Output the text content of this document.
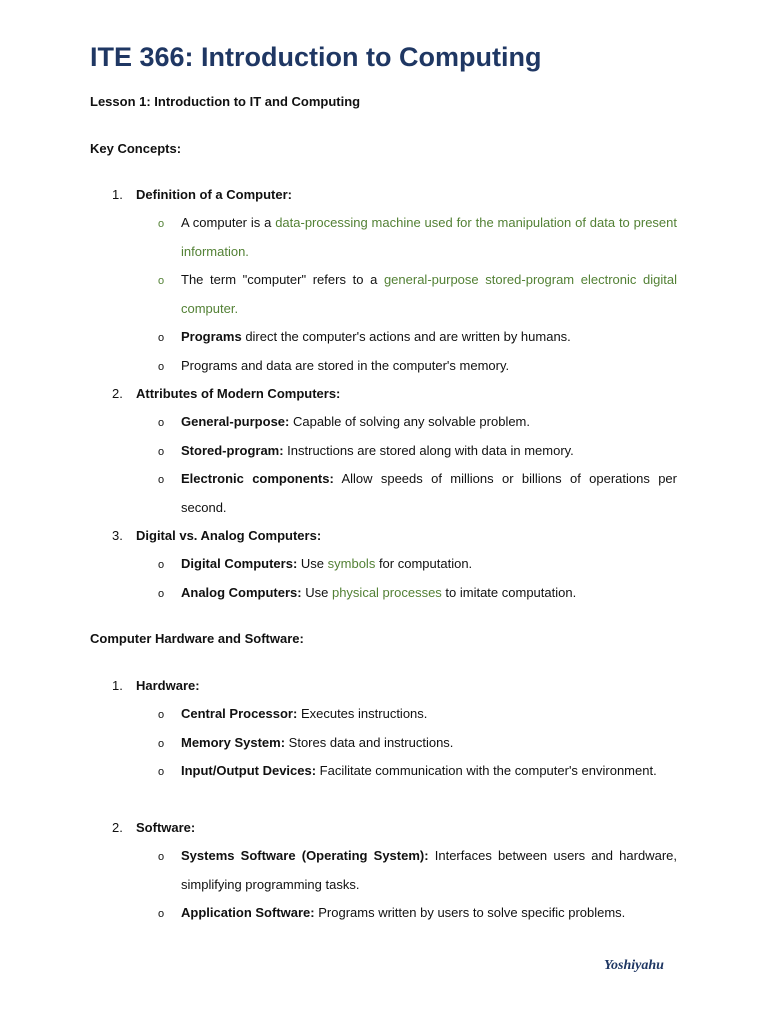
ITE 366: Introduction to Computing
Lesson 1: Introduction to IT and Computing
Key Concepts:
1.	Definition of a Computer:
o A computer is a data-processing machine used for the manipulation of data to present information.
o The term "computer" refers to a general-purpose stored-program electronic digital computer.
o Programs direct the computer's actions and are written by humans.
o Programs and data are stored in the computer's memory.
2.	Attributes of Modern Computers:
o General-purpose: Capable of solving any solvable problem.
o Stored-program: Instructions are stored along with data in memory.
o Electronic components: Allow speeds of millions or billions of operations per second.
3.	Digital vs. Analog Computers:
o Digital Computers: Use symbols for computation.
o Analog Computers: Use physical processes to imitate computation.
Computer Hardware and Software:
1.	Hardware:
o Central Processor: Executes instructions.
o Memory System: Stores data and instructions.
o Input/Output Devices: Facilitate communication with the computer's environment.
2.	Software:
o Systems Software (Operating System): Interfaces between users and hardware, simplifying programming tasks.
o Application Software: Programs written by users to solve specific problems.
Yoshiyahu
